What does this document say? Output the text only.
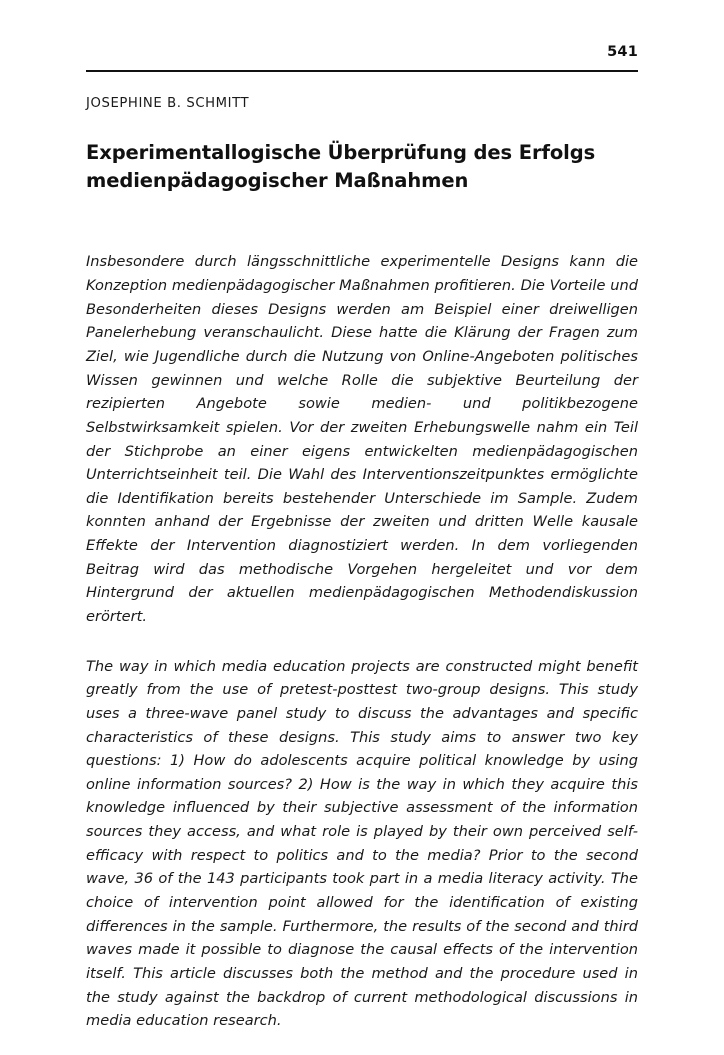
541
JOSEPHINE B. SCHMITT
Experimentallogische Überprüfung des Erfolgs
medienpädagogischer Maßnahmen

Insbesondere durch längsschnittliche experimentelle Designs kann die Konzeption medienpädagogischer Maßnahmen profitieren. Die Vorteile und Besonderheiten dieses Designs werden am Beispiel einer dreiwelligen Panelerhebung veranschaulicht. Diese hatte die Klärung der Fragen zum Ziel, wie Jugendliche durch die Nutzung von Online-Angeboten politisches Wissen gewinnen und welche Rolle die subjektive Beurteilung der rezipierten Angebote sowie medien- und politikbezogene Selbstwirksamkeit spielen. Vor der zweiten Erhebungswelle nahm ein Teil der Stichprobe an einer eigens entwickelten medienpädagogischen Unterrichtseinheit teil. Die Wahl des Interventionszeitpunktes ermöglichte die Identifikation bereits bestehender Unterschiede im Sample. Zudem konnten anhand der Ergebnisse der zweiten und dritten Welle kausale Effekte der Intervention diagnostiziert werden. In dem vorliegenden Beitrag wird das methodische Vorgehen hergeleitet und vor dem Hintergrund der aktuellen medienpädagogischen Methodendiskussion erörtert.

The way in which media education projects are constructed might benefit greatly from the use of pretest-posttest two-group designs. This study uses a three-wave panel study to discuss the advantages and specific characteristics of these designs. This study aims to answer two key questions: 1) How do adolescents acquire political knowledge by using online information sources? 2) How is the way in which they acquire this knowledge influenced by their subjective assessment of the information sources they access, and what role is played by their own perceived self-efficacy with respect to politics and to the media? Prior to the second wave, 36 of the 143 participants took part in a media literacy activity. The choice of intervention point allowed for the identification of existing differences in the sample. Furthermore, the results of the second and third waves made it possible to diagnose the causal effects of the intervention itself. This article discusses both the method and the procedure used in the study against the backdrop of current methodological discussions in media education research.
